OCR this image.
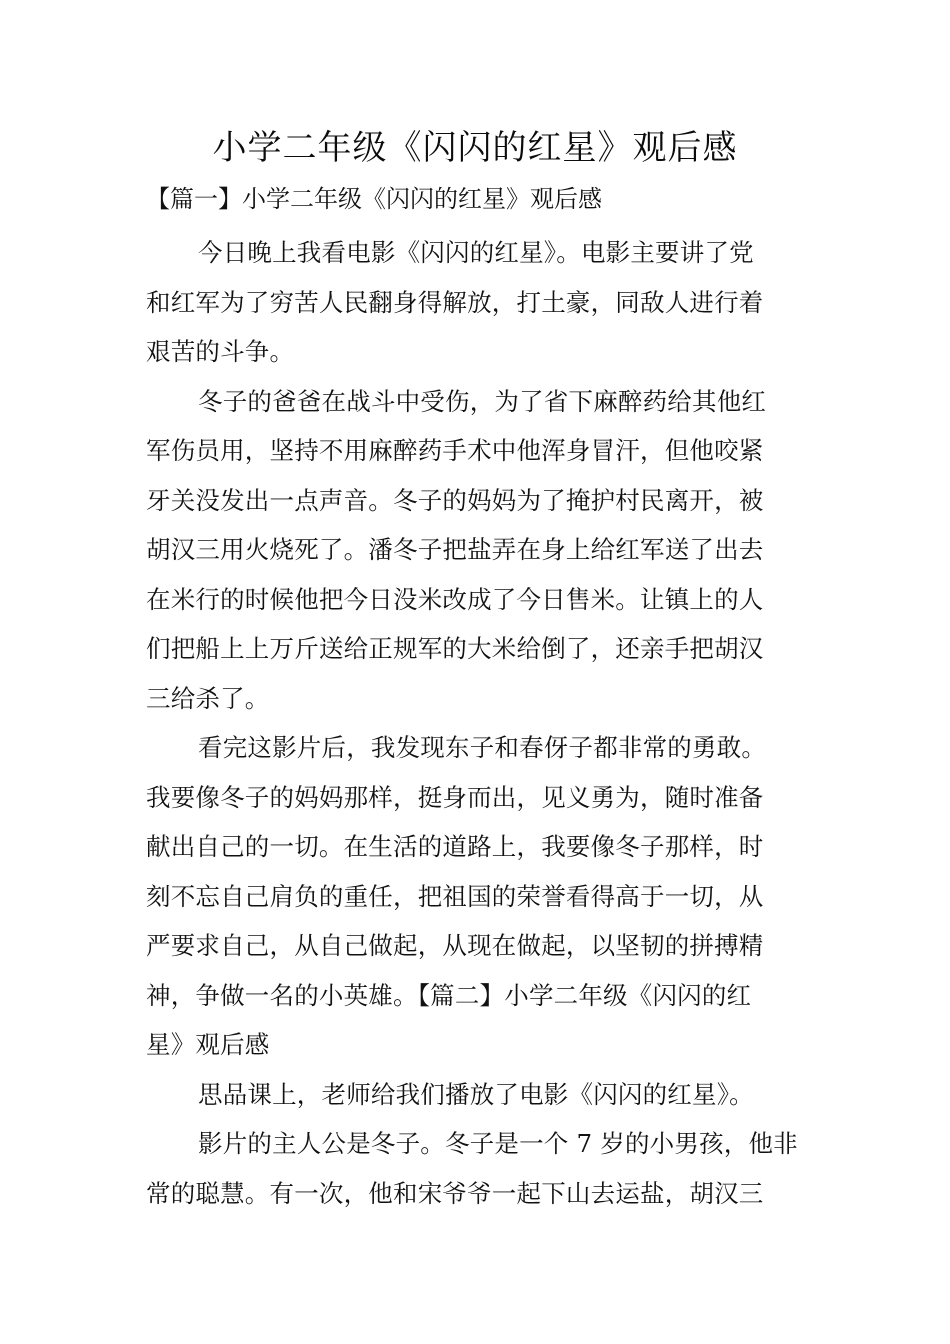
小学二年级《闪闪的红星》观后感

【篇一】小学二年级《闪闪的红星》观后感

今日晚上我看电影《闪闪的红星》。电影主要讲了党
和红军为了穷苦人民翻身得解放，打土豪，同敌人进行着
艰苦的斗争。
冬子的爸爸在战斗中受伤，为了省下麻醉药给其他红
军伤员用，坚持不用麻醉药手术中他浑身冒汗，但他咬紧
牙关没发出一点声音。冬子的妈妈为了掩护村民离开，被
胡汉三用火烧死了。潘冬子把盐弄在身上给红军送了出去
在米行的时候他把今日没米改成了今日售米。让镇上的人
们把船上上万斤送给正规军的大米给倒了，还亲手把胡汉
三给杀了。
看完这影片后，我发现东子和春伢子都非常的勇敢。
我要像冬子的妈妈那样，挺身而出，见义勇为，随时准备
献出自己的一切。在生活的道路上，我要像冬子那样，时
刻不忘自己肩负的重任，把祖国的荣誉看得高于一切，从
严要求自己，从自己做起，从现在做起，以坚韧的拼搏精
神，争做一名的小英雄。【篇二】小学二年级《闪闪的红
星》观后感
思品课上，老师给我们播放了电影《闪闪的红星》。
影片的主人公是冬子。冬子是一个 7 岁的小男孩，他非
常的聪慧。有一次，他和宋爷爷一起下山去运盐，胡汉三
